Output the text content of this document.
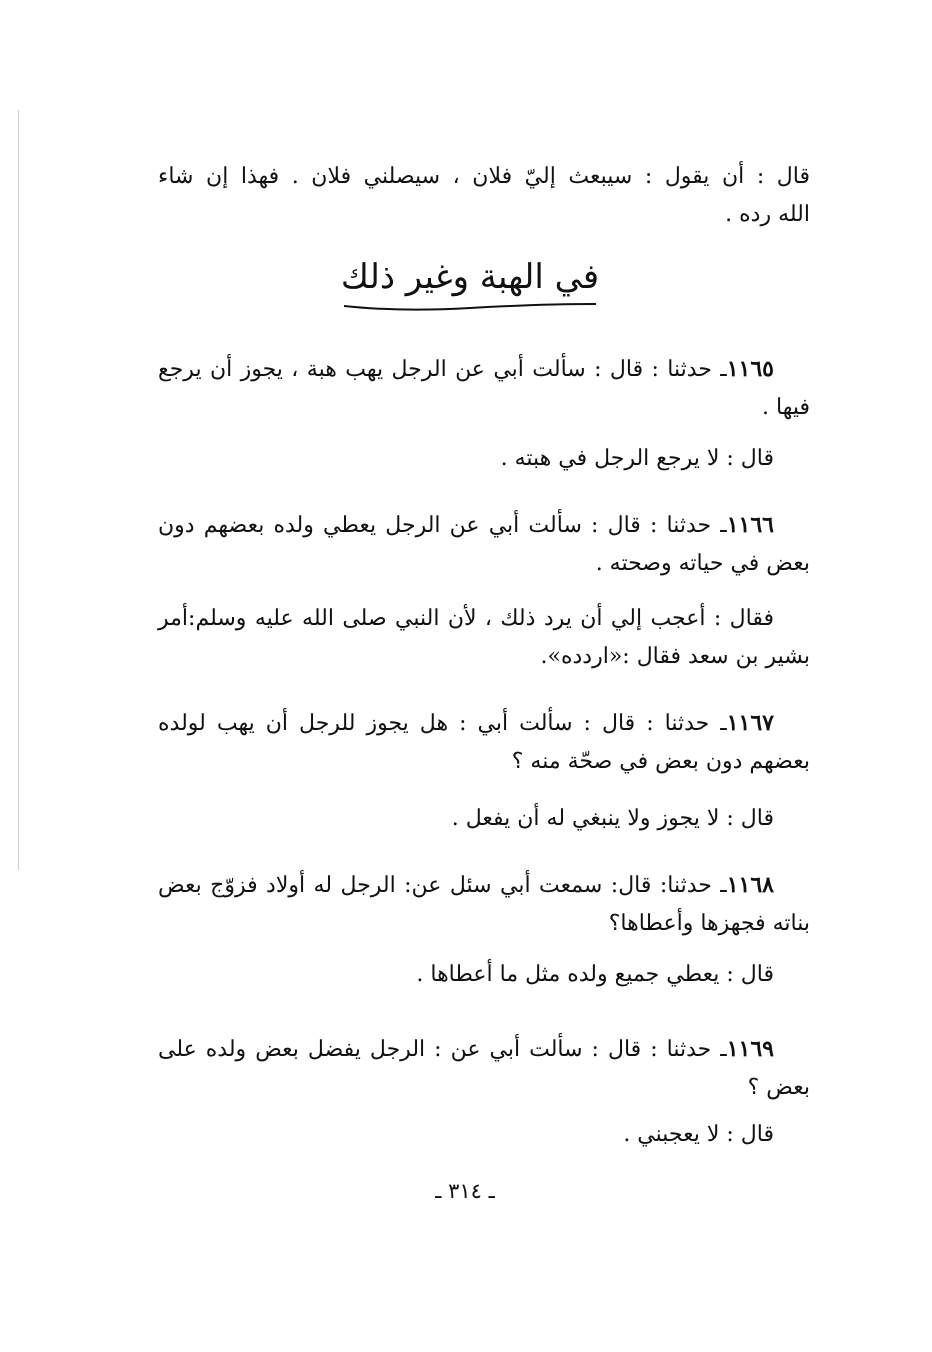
قال : أن يقول : سيبعث إليّ فلان ، سيصلني فلان . فهذا إن شاء
الله رده .
في الهبة وغير ذلك
١١٦٥ـ حدثنا : قال : سألت أبي عن الرجل يهب هبة ، يجوز أن يرجع فيها .
قال : لا يرجع الرجل في هبته .
١١٦٦ـ حدثنا : قال : سألت أبي عن الرجل يعطي ولده بعضهم دون بعض في حياته وصحته .
فقال : أعجب إلي أن يرد ذلك ، لأن النبي صلى الله عليه وسلم:أمر بشير بن سعد فقال :«اردده».
١١٦٧ـ حدثنا : قال : سألت أبي : هل يجوز للرجل أن يهب لولده بعضهم دون بعض في صحّة منه ؟
قال : لا يجوز ولا ينبغي له أن يفعل .
١١٦٨ـ حدثنا: قال: سمعت أبي سئل عن: الرجل له أولاد فزوّج بعض بناته فجهزها وأعطاها؟
قال : يعطي جميع ولده مثل ما أعطاها .
١١٦٩ـ حدثنا : قال : سألت أبي عن : الرجل يفضل بعض ولده على بعض ؟
قال : لا يعجبني .
ـ ٣١٤ ـ
